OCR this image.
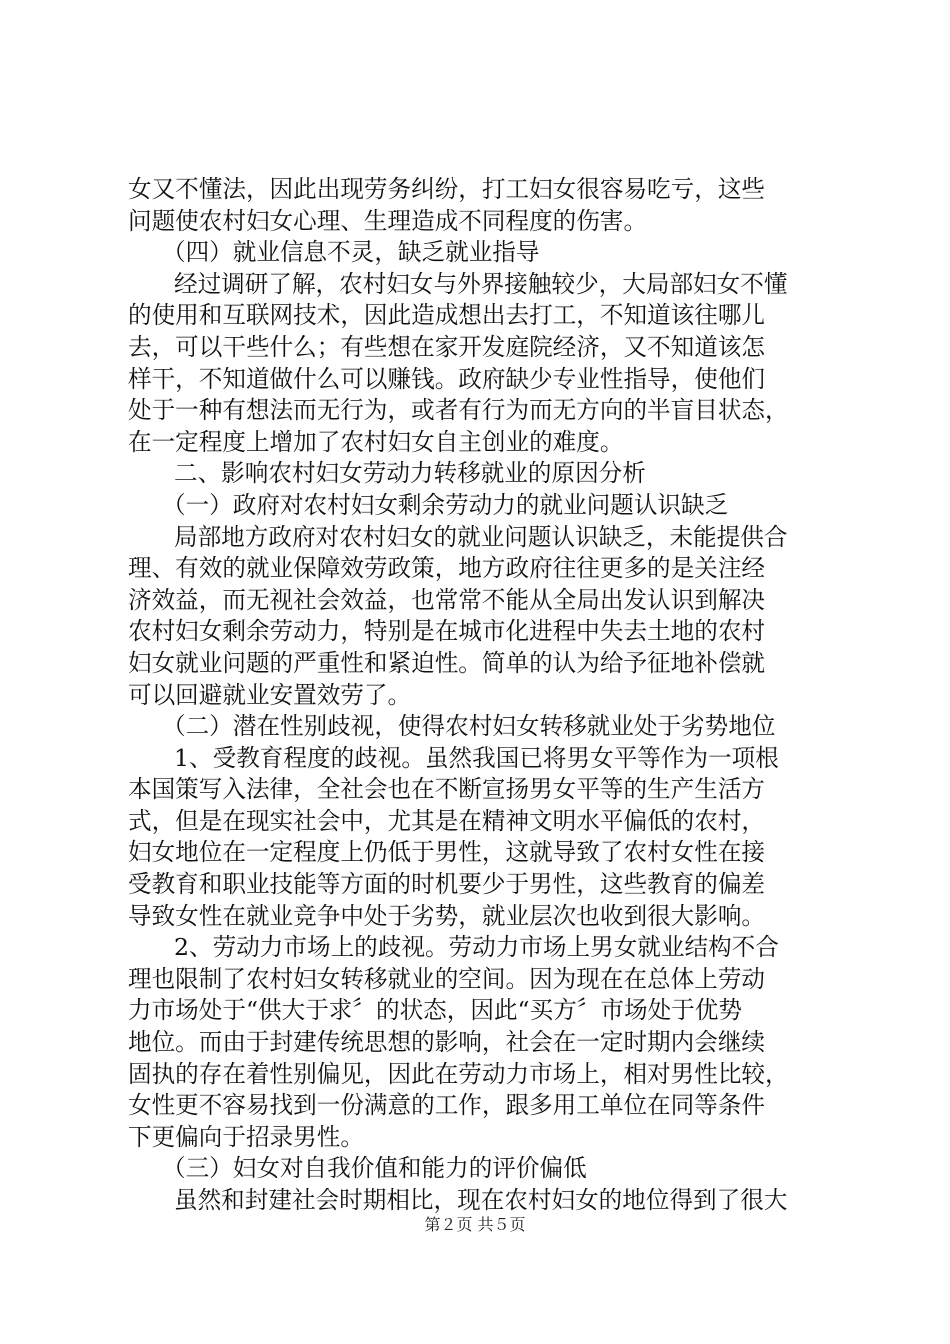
女又不懂法，因此出现劳务纠纷，打工妇女很容易吃亏，这些
问题使农村妇女心理、生理造成不同程度的伤害。
（四）就业信息不灵，缺乏就业指导
经过调研了解，农村妇女与外界接触较少，大局部妇女不懂
的使用和互联网技术，因此造成想出去打工，不知道该往哪儿
去，可以干些什么；有些想在家开发庭院经济，又不知道该怎
样干，不知道做什么可以赚钱。政府缺少专业性指导，使他们
处于一种有想法而无行为，或者有行为而无方向的半盲目状态，
在一定程度上增加了农村妇女自主创业的难度。
二、影响农村妇女劳动力转移就业的原因分析
（一）政府对农村妇女剩余劳动力的就业问题认识缺乏
局部地方政府对农村妇女的就业问题认识缺乏，未能提供合
理、有效的就业保障效劳政策，地方政府往往更多的是关注经
济效益，而无视社会效益，也常常不能从全局出发认识到解决
农村妇女剩余劳动力，特别是在城市化进程中失去土地的农村
妇女就业问题的严重性和紧迫性。简单的认为给予征地补偿就
可以回避就业安置效劳了。
（二）潜在性别歧视，使得农村妇女转移就业处于劣势地位
1、受教育程度的歧视。虽然我国已将男女平等作为一项根
本国策写入法律，全社会也在不断宣扬男女平等的生产生活方
式，但是在现实社会中，尤其是在精神文明水平偏低的农村，
妇女地位在一定程度上仍低于男性，这就导致了农村女性在接
受教育和职业技能等方面的时机要少于男性，这些教育的偏差
导致女性在就业竞争中处于劣势，就业层次也收到很大影响。
2、劳动力市场上的歧视。劳动力市场上男女就业结构不合
理也限制了农村妇女转移就业的空间。因为现在在总体上劳动
力市场处于“供大于求〞的状态，因此“买方〞市场处于优势
地位。而由于封建传统思想的影响，社会在一定时期内会继续
固执的存在着性别偏见，因此在劳动力市场上，相对男性比较，
女性更不容易找到一份满意的工作，跟多用工单位在同等条件
下更偏向于招录男性。
（三）妇女对自我价值和能力的评价偏低
虽然和封建社会时期相比，现在农村妇女的地位得到了很大
第２页 共５页
